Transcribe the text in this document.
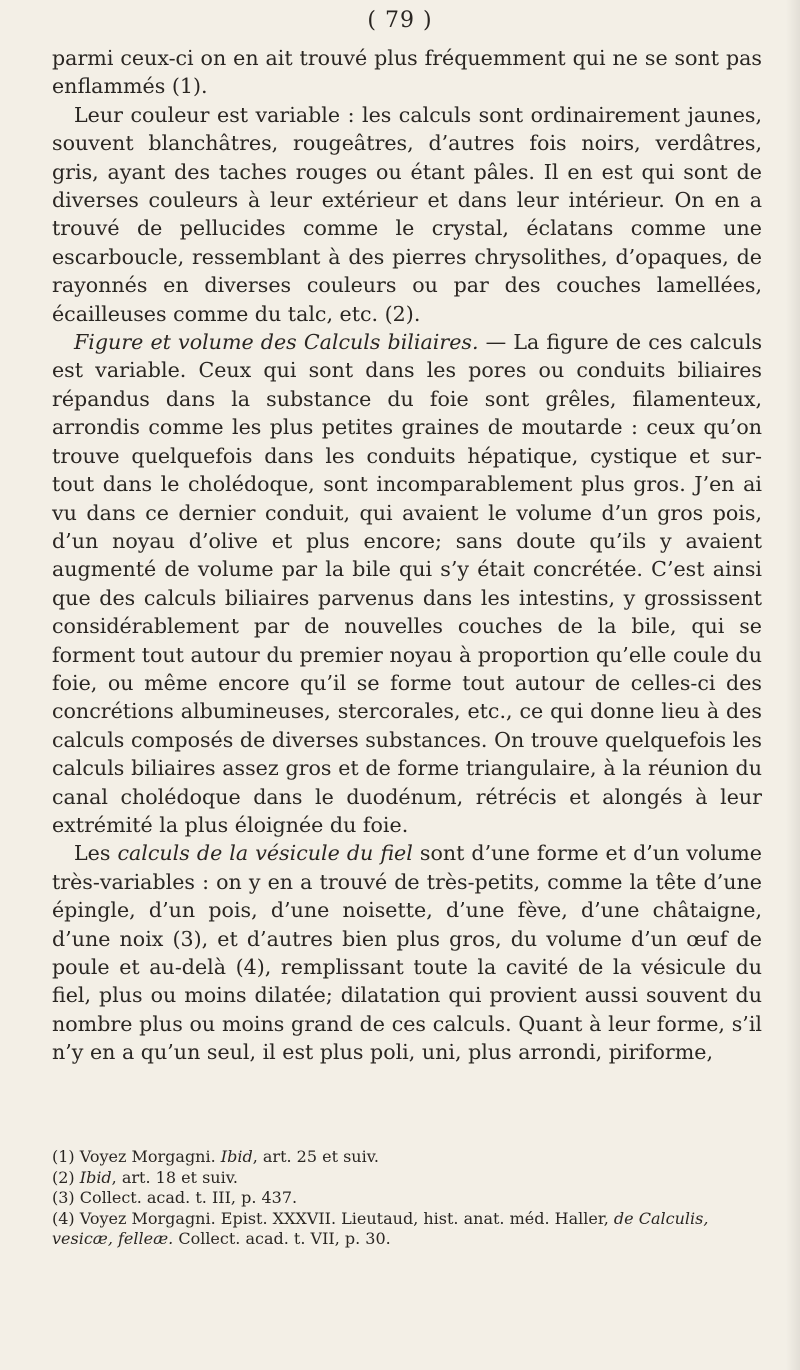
( 79 )

parmi ceux-ci on en ait trouvé plus fréquemment qui ne se sont pas enflammés (1).

Leur couleur est variable : les calculs sont ordinairement jaunes, souvent blanchâtres, rougeâtres, d’autres fois noirs, verdâtres, gris, ayant des taches rouges ou étant pâles. Il en est qui sont de diverses couleurs à leur extérieur et dans leur intérieur. On en a trouvé de pellucides comme le crystal, éclatans comme une escarboucle, ressemblant à des pierres chrysolithes, d’opaques, de rayonnés en diverses couleurs ou par des couches lamellées, écailleuses comme du talc, etc. (2).

Figure et volume des Calculs biliaires. — La figure de ces calculs est variable. Ceux qui sont dans les pores ou conduits biliaires répandus dans la substance du foie sont grêles, filamenteux, arrondis comme les plus petites graines de moutarde : ceux qu’on trouve quelquefois dans les conduits hépatique, cystique et sur-tout dans le cholédoque, sont incomparablement plus gros. J’en ai vu dans ce dernier conduit, qui avaient le volume d’un gros pois, d’un noyau d’olive et plus encore; sans doute qu’ils y avaient augmenté de volume par la bile qui s’y était concrétée. C’est ainsi que des calculs biliaires parvenus dans les intestins, y grossissent considérablement par de nouvelles couches de la bile, qui se forment tout autour du premier noyau à proportion qu’elle coule du foie, ou même encore qu’il se forme tout autour de celles-ci des concrétions albumineuses, stercorales, etc., ce qui donne lieu à des calculs composés de diverses substances. On trouve quelquefois les calculs biliaires assez gros et de forme triangulaire, à la réunion du canal cholédoque dans le duodénum, rétrécis et alongés à leur extrémité la plus éloignée du foie.

Les calculs de la vésicule du fiel sont d’une forme et d’un volume très-variables : on y en a trouvé de très-petits, comme la tête d’une épingle, d’un pois, d’une noisette, d’une fève, d’une châtaigne, d’une noix (3), et d’autres bien plus gros, du volume d’un œuf de poule et au-delà (4), remplissant toute la cavité de la vésicule du fiel, plus ou moins dilatée; dilatation qui provient aussi souvent du nombre plus ou moins grand de ces calculs. Quant à leur forme, s’il n’y en a qu’un seul, il est plus poli, uni, plus arrondi, piriforme,

(1) Voyez Morgagni. Ibid, art. 25 et suiv.

(2) Ibid, art. 18 et suiv.

(3) Collect. acad. t. III, p. 437.

(4) Voyez Morgagni. Epist. XXXVII. Lieutaud, hist. anat. méd. Haller, de Calculis, vesicæ, felleæ. Collect. acad. t. VII, p. 30.
